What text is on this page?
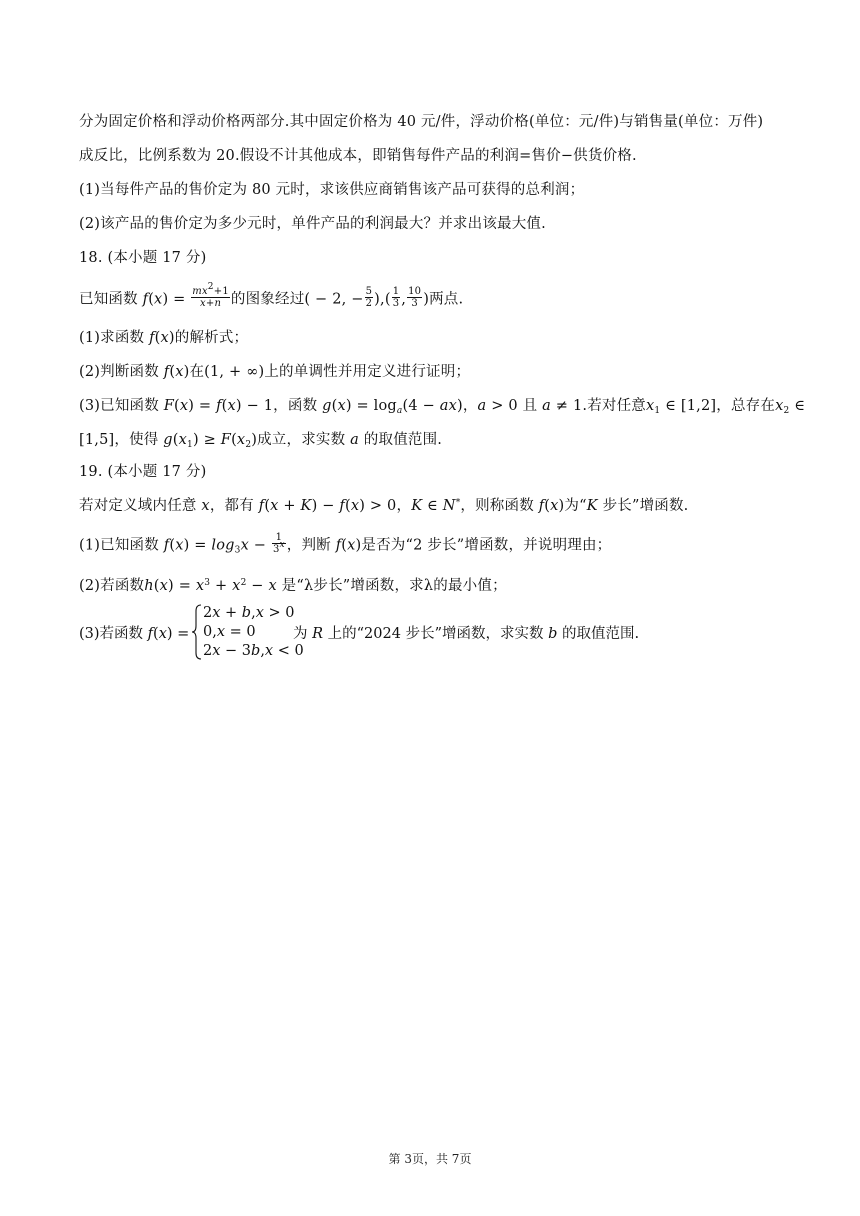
分为固定价格和浮动价格两部分.其中固定价格为 40 元/件，浮动价格(单位：元/件)与销售量(单位：万件)
成反比，比例系数为 20.假设不计其他成本，即销售每件产品的利润=售价−供货价格.
(1)当每件产品的售价定为 80 元时，求该供应商销售该产品可获得的总利润；
(2)该产品的售价定为多少元时，单件产品的利润最大？并求出该最大值.
18. (本小题 17 分)
已知函数 $f(x) = \frac{mx^2+1}{x+n}$ 的图象经过( − 2, − $\frac{5}{2}$ ),( $\frac{1}{3}$ , $\frac{10}{3}$ )两点.
(1)求函数 f(x)的解析式；
(2)判断函数 f(x)在(1, + ∞)上的单调性并用定义进行证明；
(3)已知函数 F(x) = f(x) − 1，函数 $g(x) = \log_a(4 - ax)$，a > 0 且 a ≠ 1.若对任意$x_1$ ∈ [1,2]，总存在$x_2$ ∈
[1,5]，使得 $g(x_1) \ge F(x_2)$成立，求实数 a 的取值范围.
19. (本小题 17 分)
若对定义域内任意 x，都有 f(x + K) − f(x) > 0，K ∈ N*，则称函数 f(x)为“K 步长”增函数.
(1)已知函数 $f(x) = \log_3x - \frac{1}{3^x}$ ，判断 f(x)是否为“2 步长”增函数，并说明理由；
(2)若函数$h(x) = x^3 + x^2 - x$ 是“λ步长”增函数，求λ的最小值；
(3)若函数 f(x) =
2x + b,x > 0
0,x = 0
2x − 3b,x < 0
为 R 上的“2024 步长”增函数，求实数 b 的取值范围.
第 3页，共 7页
